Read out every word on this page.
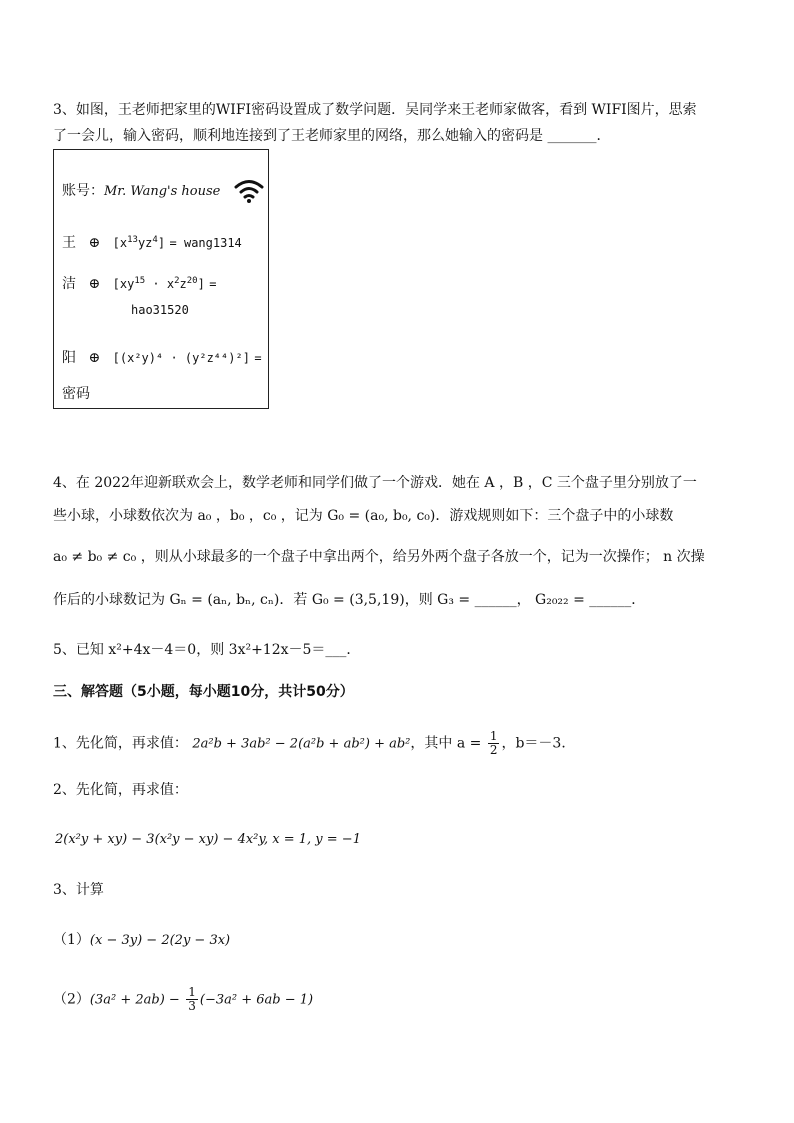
3、如图，王老师把家里的WIFI密码设置成了数学问题．吴同学来王老师家做客，看到 WIFI图片，思索
了一会儿，输入密码，顺利地连接到了王老师家里的网络，那么她输入的密码是 _______．
账号：Mr. Wang's house
王 ⊕ $[x^{13}yz^4]$ = wang1314
洁 ⊕ $[xy^{15} \cdot x^2z^{20}]$ =
hao31520
阳 ⊕ [(x²y)⁴ · (y²z⁴⁴)²] =
密码
4、在 2022年迎新联欢会上，数学老师和同学们做了一个游戏．她在 A ，B ，C 三个盘子里分别放了一
些小球，小球数依次为 a₀ ，b₀ ，c₀ ，记为 G₀ = (a₀, b₀, c₀)．游戏规则如下：三个盘子中的小球数
a₀ ≠ b₀ ≠ c₀ ，则从小球最多的一个盘子中拿出两个，给另外两个盘子各放一个，记为一次操作； n 次操
作后的小球数记为 Gₙ = (aₙ, bₙ, cₙ)．若 G₀ = (3,5,19)，则 G₃ = ______， G₂₀₂₂ = ______．
5、已知 x²+4x－4＝0，则 3x²+12x－5＝___．
三、解答题（5小题，每小题10分，共计50分）
1、先化简，再求值： 2a²b + 3ab² − 2(a²b + ab²) + ab²，其中 $a = \frac{1}{2}$ ，b＝－3．
2、先化简，再求值：
2(x²y + xy) − 3(x²y − xy) − 4x²y, x = 1, y = −1
3、计算
（1）(x − 3y) − 2(2y − 3x)
$(2)(3a^2 + 2ab) - \frac{1}{3} (-3a^2 + 6ab - 1)$
